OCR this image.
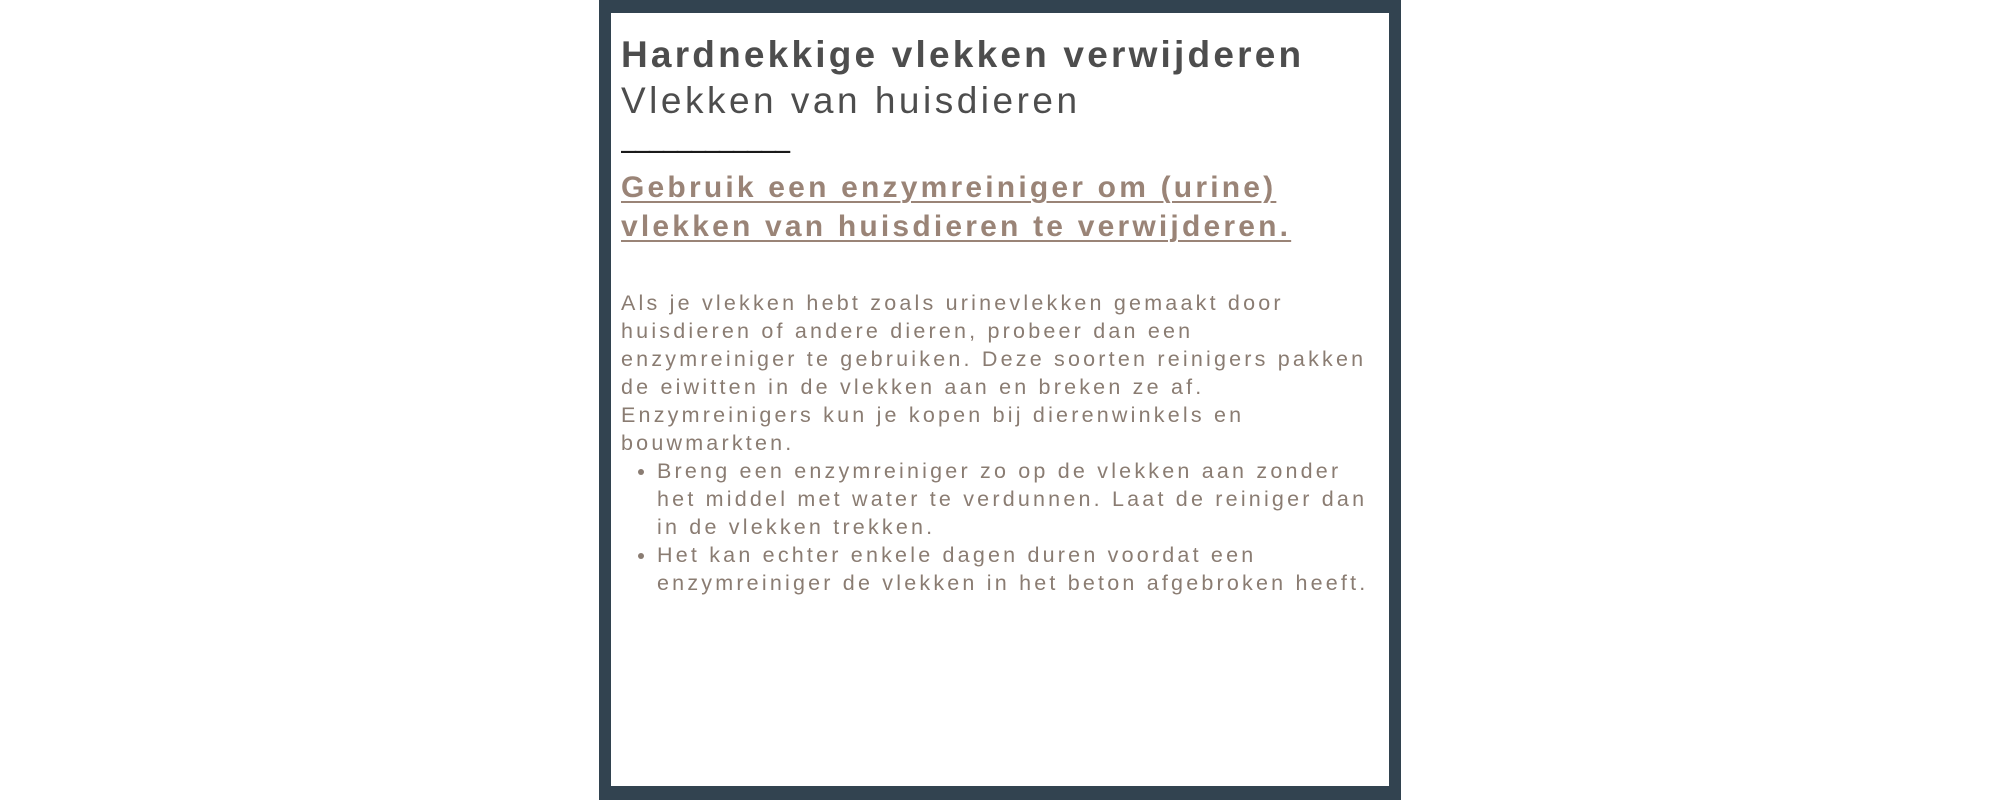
Hardnekkige vlekken verwijderen
Vlekken van huisdieren
____________

Gebruik een enzymreiniger om (urine) vlekken van huisdieren te verwijderen.

Als je vlekken hebt zoals urinevlekken gemaakt door huisdieren of andere dieren, probeer dan een enzymreiniger te gebruiken. Deze soorten reinigers pakken de eiwitten in de vlekken aan en breken ze af. Enzymreinigers kun je kopen bij dierenwinkels en bouwmarkten.

• Breng een enzymreiniger zo op de vlekken aan zonder het middel met water te verdunnen. Laat de reiniger dan in de vlekken trekken.
• Het kan echter enkele dagen duren voordat een enzymreiniger de vlekken in het beton afgebroken heeft.
